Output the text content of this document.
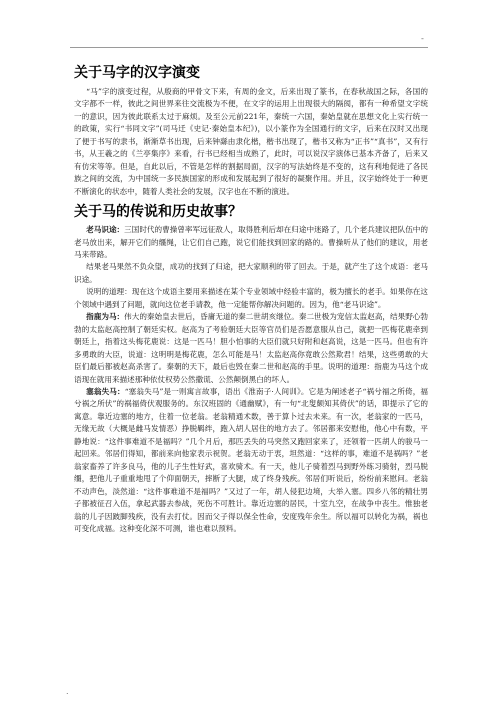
-
关于马字的汉字演变

“马”字的演变过程，从殷商的甲骨文下来，有周的金文，后来出现了篆书，在春秋战国之际，各国的文字都不一样，彼此之间世界来往交流极为不便，在文字的运用上出现很大的隔阂，都有一种希望文字统一的意识，因为彼此联系太过于麻烦。及至公元前221年，秦统一六国，秦始皇就在思想文化上实行统一的政策，实行“书同文字”(司马迁《史记·秦始皇本纪》)，以小篆作为全国通行的文字，后来在汉时又出现了便于书写的隶书，渐渐草书出现，后来钟繇由隶化楷，楷书出现了，楷书又称为“正书”“真书”，又有行书，从王羲之的《兰亭集序》来看，行书已经相当成熟了，此时，可以说汉字演体已基本齐备了，后来又有仿宋等等。但是，自此以后，不管是怎样的割据局面，汉字的写法始终是不变的，这有利地促进了各民族之间的交流，为中国统一多民族国家的形成和发展起到了很好的凝聚作用。并且，汉字始终处于一种更不断演化的状态中，随着人类社会的发展，汉字也在不断的演进。

关于马的传说和历史故事？

老马识途：三国时代的曹操曾率军远征敌人，取得胜利后却在归途中迷路了，几个老兵建议把队伍中的老马放出来，解开它们的缰绳，让它们自己跑，说它们能找到回家的路的。曹操听从了他们的建议，用老马来带路。

结果老马果然不负众望，成功的找到了归途，把大家顺利的带了回去。于是，就产生了这个成语：老马识途。

说明的道理：现在这个成语主要用来描述在某个专业领域中经验丰富的，极为擅长的老手。如果你在这个领域中遇到了问题，就向这位老手请教，他一定能帮你解决问题的。因为，他“老马识途”。

指鹿为马：伟大的秦始皇去世后，昏庸无道的秦二世胡亥继位。秦二世极为宠信太监赵高，结果野心勃勃的太监赵高控制了朝廷实权。赵高为了考验朝廷大臣等官员们是否愿意服从自己，就把一匹梅花鹿牵到朝廷上，指着这头梅花鹿说：这是一匹马！胆小怕事的大臣们就只好附和赵高说，这是一匹马。但也有许多勇敢的大臣，说道：这明明是梅花鹿，怎么可能是马！太监赵高你竟敢公然欺君！结果，这些勇敢的大臣们最后都被赵高杀害了。秦朝的天下，最后也毁在秦二世和赵高的手里。说明的道理：指鹿为马这个成语现在就用来描述那种依仗权势公然撒谎、公然颠倒黑白的坏人。

塞翁失马：“塞翁失马”是一则寓言故事，语出《淮南子·人间训》。它是为阐述老子“祸兮福之所倚，福兮祸之所伏”的祸福倚伏观服务的。东汉班固的《通幽赋》，有一句“北叟颇知其倚伏”的话，即提示了它的寓意。靠近边塞的地方，住着一位老翁。老翁精通术数，善于算卜过去未来。有一次，老翁家的一匹马，无缘无故（大概是雌马发情恶）挣脱羁绊，跑入胡人居住的地方去了。邻居都来安慰他，他心中有数，平静地说：“这件事难道不是福吗？”几个月后，那匹丢失的马突然又跑回家来了，还领着一匹胡人的骏马一起回来。邻居们得知，都前来向他家表示祝贺。老翁无动于衷，坦然道：“这样的事，难道不是祸吗？”老翁家畜养了许多良马，他的儿子生性好武，喜欢骑术。有一天，他儿子骑着烈马到野外练习骑射，烈马脱缰，把他儿子重重地甩了个仰面朝天，摔断了大腿，成了终身残疾。邻居们听说后，纷纷前来慰问。老翁不动声色，淡然道：“这件事难道不是福吗？”又过了一年，胡人侵犯边境，大举入塞。四乡八邻的精壮男子都被征召入伍，拿起武器去参战，死伤不可胜计。靠近边塞的居民，十室九空，在战争中丧生。惟独老翁的儿子因跛脚残疾，没有去打仗。因而父子得以保全性命，安度残年余生。所以福可以转化为祸，祸也可变化成福。这种变化深不可测，谁也难以预料。

.
